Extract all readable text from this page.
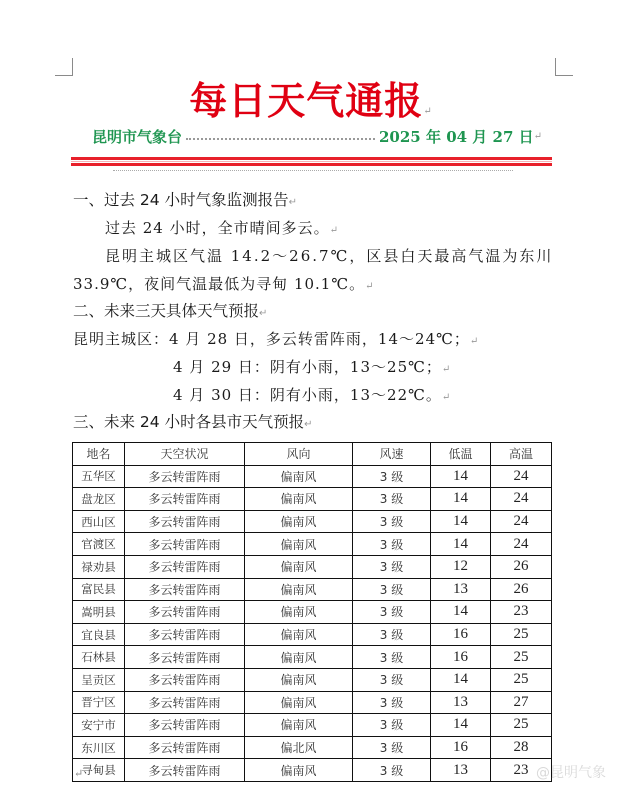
每日天气通报↵
昆明市气象台	2025 年 04 月 27 日 ↵
一、过去 24 小时气象监测报告↵
过去 24 小时，全市晴间多云。↵
昆明主城区气温 14.2～26.7℃，区县白天最高气温为东川
33.9℃，夜间气温最低为寻甸 10.1℃。↵
二、未来三天具体天气预报↵
昆明主城区：4 月 28 日，多云转雷阵雨，14～24℃；↵
4 月 29 日：阴有小雨，13～25℃；↵
4 月 30 日：阴有小雨，13～22℃。↵
三、未来 24 小时各县市天气预报↵
地名	天空状况	风向	风速	低温	高温
五华区	多云转雷阵雨	偏南风	3 级	14	24
盘龙区	多云转雷阵雨	偏南风	3 级	14	24
西山区	多云转雷阵雨	偏南风	3 级	14	24
官渡区	多云转雷阵雨	偏南风	3 级	14	24
禄劝县	多云转雷阵雨	偏南风	3 级	12	26
富民县	多云转雷阵雨	偏南风	3 级	13	26
嵩明县	多云转雷阵雨	偏南风	3 级	14	23
宜良县	多云转雷阵雨	偏南风	3 级	16	25
石林县	多云转雷阵雨	偏南风	3 级	16	25
呈贡区	多云转雷阵雨	偏南风	3 级	14	25
晋宁区	多云转雷阵雨	偏南风	3 级	13	27
安宁市	多云转雷阵雨	偏南风	3 级	14	25
东川区	多云转雷阵雨	偏北风	3 级	16	28
寻甸县	多云转雷阵雨	偏南风	3 级	13	23
↵	@昆明气象
